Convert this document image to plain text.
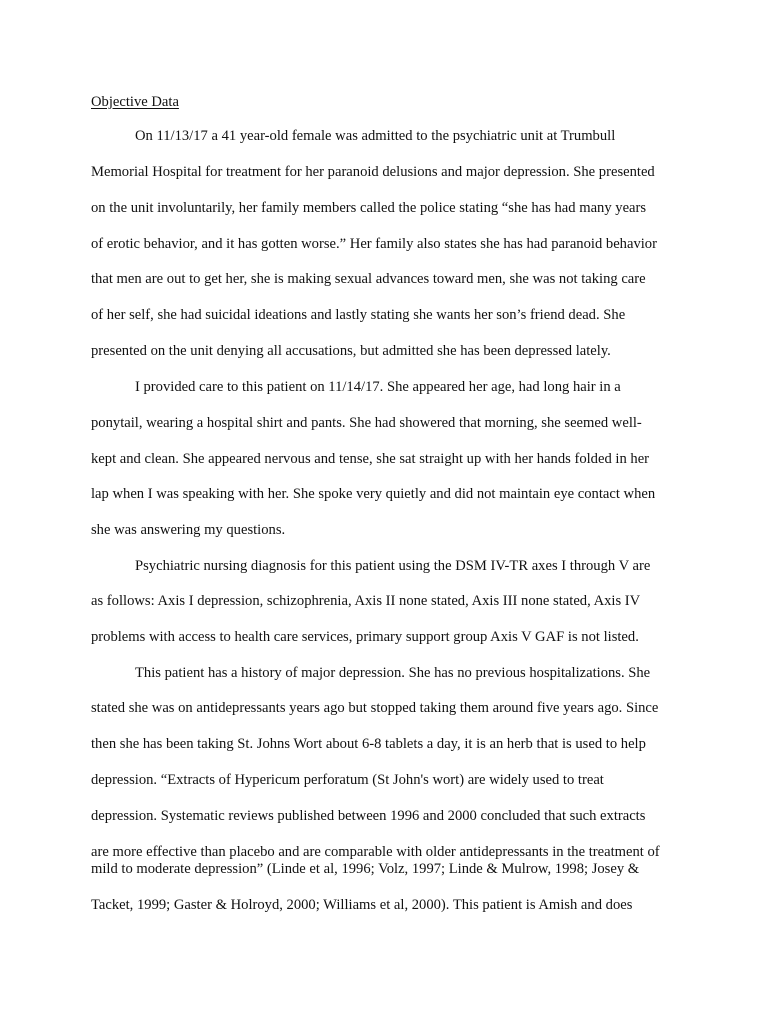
Objective Data

On 11/13/17 a 41 year-old female was admitted to the psychiatric unit at Trumbull

Memorial Hospital for treatment for her paranoid delusions and major depression. She presented

on the unit involuntarily, her family members called the police stating “she has had many years

of erotic behavior, and it has gotten worse.” Her family also states she has had paranoid behavior

that men are out to get her, she is making sexual advances toward men, she was not taking care

of her self, she had suicidal ideations and lastly stating she wants her son’s friend dead. She

presented on the unit denying all accusations, but admitted she has been depressed lately.

I provided care to this patient on 11/14/17. She appeared her age, had long hair in a

ponytail, wearing a hospital shirt and pants. She had showered that morning, she seemed well-

kept and clean. She appeared nervous and tense, she sat straight up with her hands folded in her

lap when I was speaking with her. She spoke very quietly and did not maintain eye contact when

she was answering my questions.

Psychiatric nursing diagnosis for this patient using the DSM IV-TR axes I through V are

as follows: Axis I depression, schizophrenia, Axis II none stated, Axis III none stated, Axis IV

problems with access to health care services, primary support group Axis V GAF is not listed.

This patient has a history of major depression. She has no previous hospitalizations. She

stated she was on antidepressants years ago but stopped taking them around five years ago. Since

then she has been taking St. Johns Wort about 6-8 tablets a day, it is an herb that is used to help

depression. “Extracts of Hypericum perforatum (St John's wort) are widely used to treat

depression. Systematic reviews published between 1996 and 2000 concluded that such extracts

are more effective than placebo and are comparable with older antidepressants in the treatment of

mild to moderate depression” (Linde et al, 1996; Volz, 1997; Linde & Mulrow, 1998; Josey &

Tacket, 1999; Gaster & Holroyd, 2000; Williams et al, 2000). This patient is Amish and does
